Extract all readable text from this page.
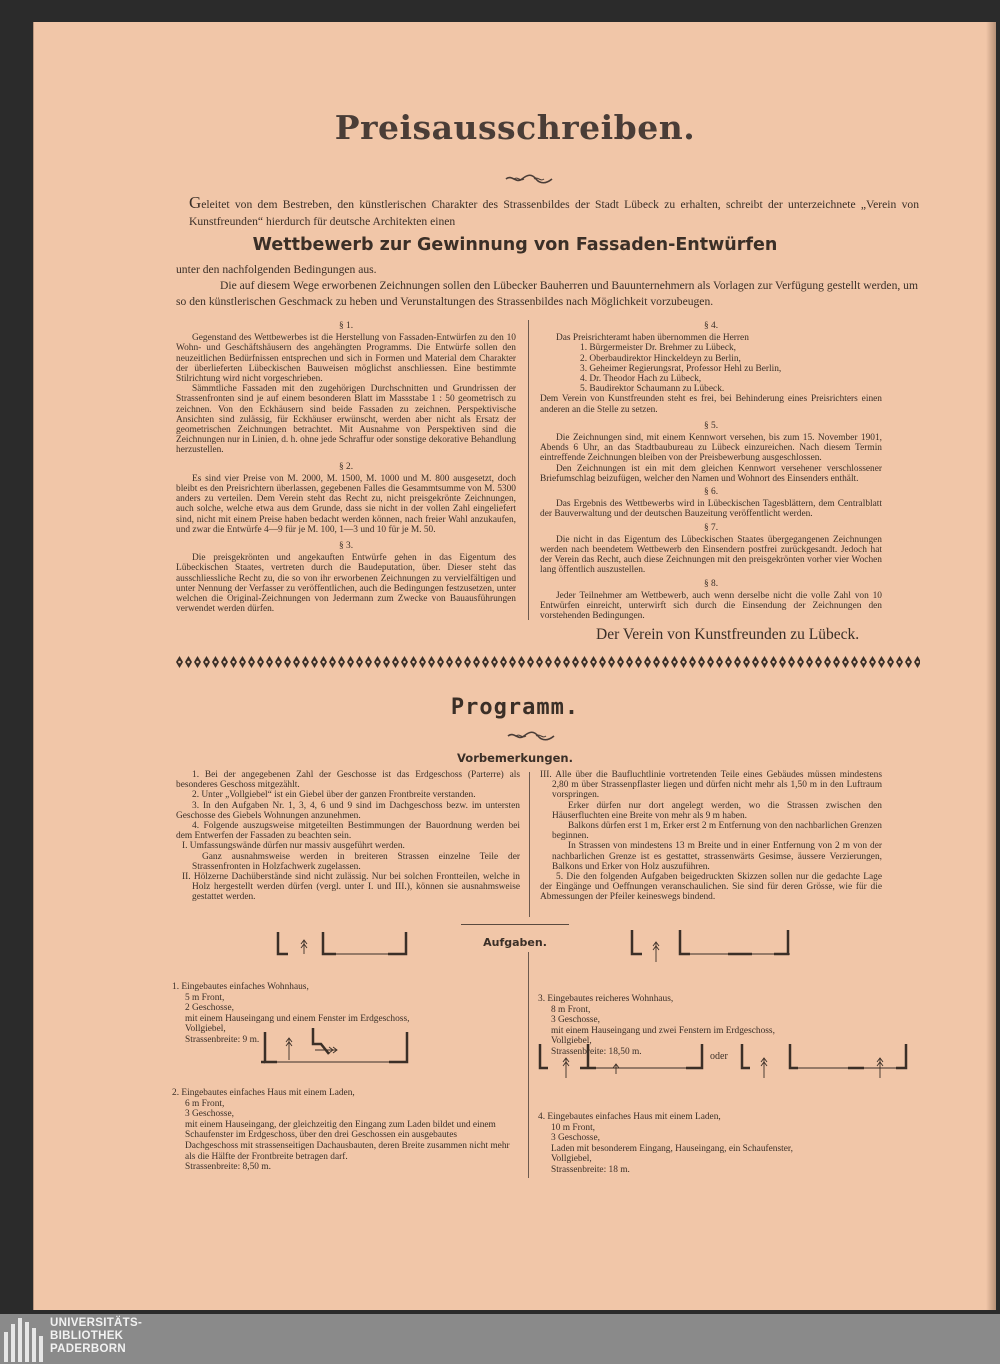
Preisausschreiben.
Geleitet von dem Bestreben, den künstlerischen Charakter des Strassenbildes der Stadt Lübeck zu erhalten, schreibt der unterzeichnete „Verein von Kunstfreunden“ hierdurch für deutsche Architekten einen
Wettbewerb zur Gewinnung von Fassaden-Entwürfen

unter den nachfolgenden Bedingungen aus.

Die auf diesem Wege erworbenen Zeichnungen sollen den Lübecker Bauherren und Bauunternehmern als Vorlagen zur Verfügung gestellt werden, um so den künstlerischen Geschmack zu heben und Verunstaltungen des Strassenbildes nach Möglichkeit vorzubeugen.

§ 1.

Gegenstand des Wettbewerbes ist die Herstellung von Fassaden-Entwürfen zu den 10 Wohn- und Geschäftshäusern des angehängten Programms. Die Entwürfe sollen den neuzeitlichen Bedürfnissen entsprechen und sich in Formen und Material dem Charakter der überlieferten Lübeckischen Bauweisen möglichst anschliessen. Eine bestimmte Stilrichtung wird nicht vorgeschrieben.

Sämmtliche Fassaden mit den zugehörigen Durchschnitten und Grundrissen der Strassenfronten sind je auf einem besonderen Blatt im Massstabe 1 : 50 geometrisch zu zeichnen. Von den Eckhäusern sind beide Fassaden zu zeichnen. Perspektivische Ansichten sind zulässig, für Eckhäuser erwünscht, werden aber nicht als Ersatz der geometrischen Zeichnungen betrachtet. Mit Ausnahme von Perspektiven sind die Zeichnungen nur in Linien, d. h. ohne jede Schraffur oder sonstige dekorative Behandlung herzustellen.

§ 2.

Es sind vier Preise von M. 2000, M. 1500, M. 1000 und M. 800 ausgesetzt, doch bleibt es den Preisrichtern überlassen, gegebenen Falles die Gesammtsumme von M. 5300 anders zu verteilen. Dem Verein steht das Recht zu, nicht preisgekrönte Zeichnungen, auch solche, welche etwa aus dem Grunde, dass sie nicht in der vollen Zahl eingeliefert sind, nicht mit einem Preise haben bedacht werden können, nach freier Wahl anzukaufen, und zwar die Entwürfe 4—9 für je M. 100, 1—3 und 10 für je M. 50.

§ 3.

Die preisgekrönten und angekauften Entwürfe gehen in das Eigentum des Lübeckischen Staates, vertreten durch die Baudeputation, über. Dieser steht das ausschliessliche Recht zu, die so von ihr erworbenen Zeichnungen zu vervielfältigen und unter Nennung der Verfasser zu veröffentlichen, auch die Bedingungen festzusetzen, unter welchen die Original-Zeichnungen von Jedermann zum Zwecke von Bauausführungen verwendet werden dürfen.

§ 4.

Das Preisrichteramt haben übernommen die Herren

1. Bürgermeister Dr. Brehmer zu Lübeck,

2. Oberbaudirektor Hinckeldeyn zu Berlin,

3. Geheimer Regierungsrat, Professor Hehl zu Berlin,

4. Dr. Theodor Hach zu Lübeck,

5. Baudirektor Schaumann zu Lübeck.

Dem Verein von Kunstfreunden steht es frei, bei Behinderung eines Preisrichters einen anderen an die Stelle zu setzen.

§ 5.

Die Zeichnungen sind, mit einem Kennwort versehen, bis zum 15. November 1901, Abends 6 Uhr, an das Stadtbaubureau zu Lübeck einzureichen. Nach diesem Termin eintreffende Zeichnungen bleiben von der Preisbewerbung ausgeschlossen.

Den Zeichnungen ist ein mit dem gleichen Kennwort versehener verschlossener Briefumschlag beizufügen, welcher den Namen und Wohnort des Einsenders enthält.

§ 6.

Das Ergebnis des Wettbewerbs wird in Lübeckischen Tagesblättern, dem Centralblatt der Bauverwaltung und der deutschen Bauzeitung veröffentlicht werden.

§ 7.

Die nicht in das Eigentum des Lübeckischen Staates übergegangenen Zeichnungen werden nach beendetem Wettbewerb den Einsendern postfrei zurückgesandt. Jedoch hat der Verein das Recht, auch diese Zeichnungen mit den preisgekrönten vorher vier Wochen lang öffentlich auszustellen.

§ 8.

Jeder Teilnehmer am Wettbewerb, auch wenn derselbe nicht die volle Zahl von 10 Entwürfen einreicht, unterwirft sich durch die Einsendung der Zeichnungen den vorstehenden Bedingungen.

Der Verein von Kunstfreunden zu Lübeck.
Programm.
Vorbemerkungen.

1. Bei der angegebenen Zahl der Geschosse ist das Erdgeschoss (Parterre) als besonderes Geschoss mitgezählt.

2. Unter „Vollgiebel“ ist ein Giebel über der ganzen Frontbreite verstanden.

3. In den Aufgaben Nr. 1, 3, 4, 6 und 9 sind im Dachgeschoss bezw. im untersten Geschosse des Giebels Wohnungen anzunehmen.

4. Folgende auszugsweise mitgeteilten Bestimmungen der Bauordnung werden bei dem Entwerfen der Fassaden zu beachten sein.

I. Umfassungswände dürfen nur massiv ausgeführt werden.

Ganz ausnahmsweise werden in breiteren Strassen einzelne Teile der Strassenfronten in Holzfachwerk zugelassen.

II. Hölzerne Dachüberstände sind nicht zulässig. Nur bei solchen Frontteilen, welche in Holz hergestellt werden dürfen (vergl. unter I. und III.), können sie ausnahmsweise gestattet werden.

III. Alle über die Baufluchtlinie vortretenden Teile eines Gebäudes müssen mindestens 2,80 m über Strassenpflaster liegen und dürfen nicht mehr als 1,50 m in den Luftraum vorspringen.

Erker dürfen nur dort angelegt werden, wo die Strassen zwischen den Häuserfluchten eine Breite von mehr als 9 m haben.

Balkons dürfen erst 1 m, Erker erst 2 m Entfernung von den nachbarlichen Grenzen beginnen.

In Strassen von mindestens 13 m Breite und in einer Entfernung von 2 m von der nachbarlichen Grenze ist es gestattet, strassenwärts Gesimse, äussere Verzierungen, Balkons und Erker von Holz auszuführen.

5. Die den folgenden Aufgaben beigedruckten Skizzen sollen nur die gedachte Lage der Eingänge und Oeffnungen veranschaulichen. Sie sind für deren Grösse, wie für die Abmessungen der Pfeiler keineswegs bindend.

Aufgaben.

1. Eingebautes einfaches Wohnhaus,

5 m Front,

2 Geschosse,

mit einem Hauseingang und einem Fenster im Erdgeschoss,

Vollgiebel,

Strassenbreite: 9 m.

2. Eingebautes einfaches Haus mit einem Laden,

6 m Front,

3 Geschosse,

mit einem Hauseingang, der gleichzeitig den Eingang zum Laden bildet und einem Schaufenster im Erdgeschoss, über den drei Geschossen ein ausgebautes Dachgeschoss mit strassenseitigen Dachausbauten, deren Breite zusammen nicht mehr als die Hälfte der Frontbreite betragen darf.

Strassenbreite: 8,50 m.

3. Eingebautes reicheres Wohnhaus,

8 m Front,

3 Geschosse,

mit einem Hauseingang und zwei Fenstern im Erdgeschoss,

Vollgiebel,

Strassenbreite: 18,50 m.	oder

4. Eingebautes einfaches Haus mit einem Laden,

10 m Front,

3 Geschosse,

Laden mit besonderem Eingang, Hauseingang, ein Schaufenster,

Vollgiebel,

Strassenbreite: 18 m.

UNIVERSITÄTS-
BIBLIOTHEK
PADERBORN
